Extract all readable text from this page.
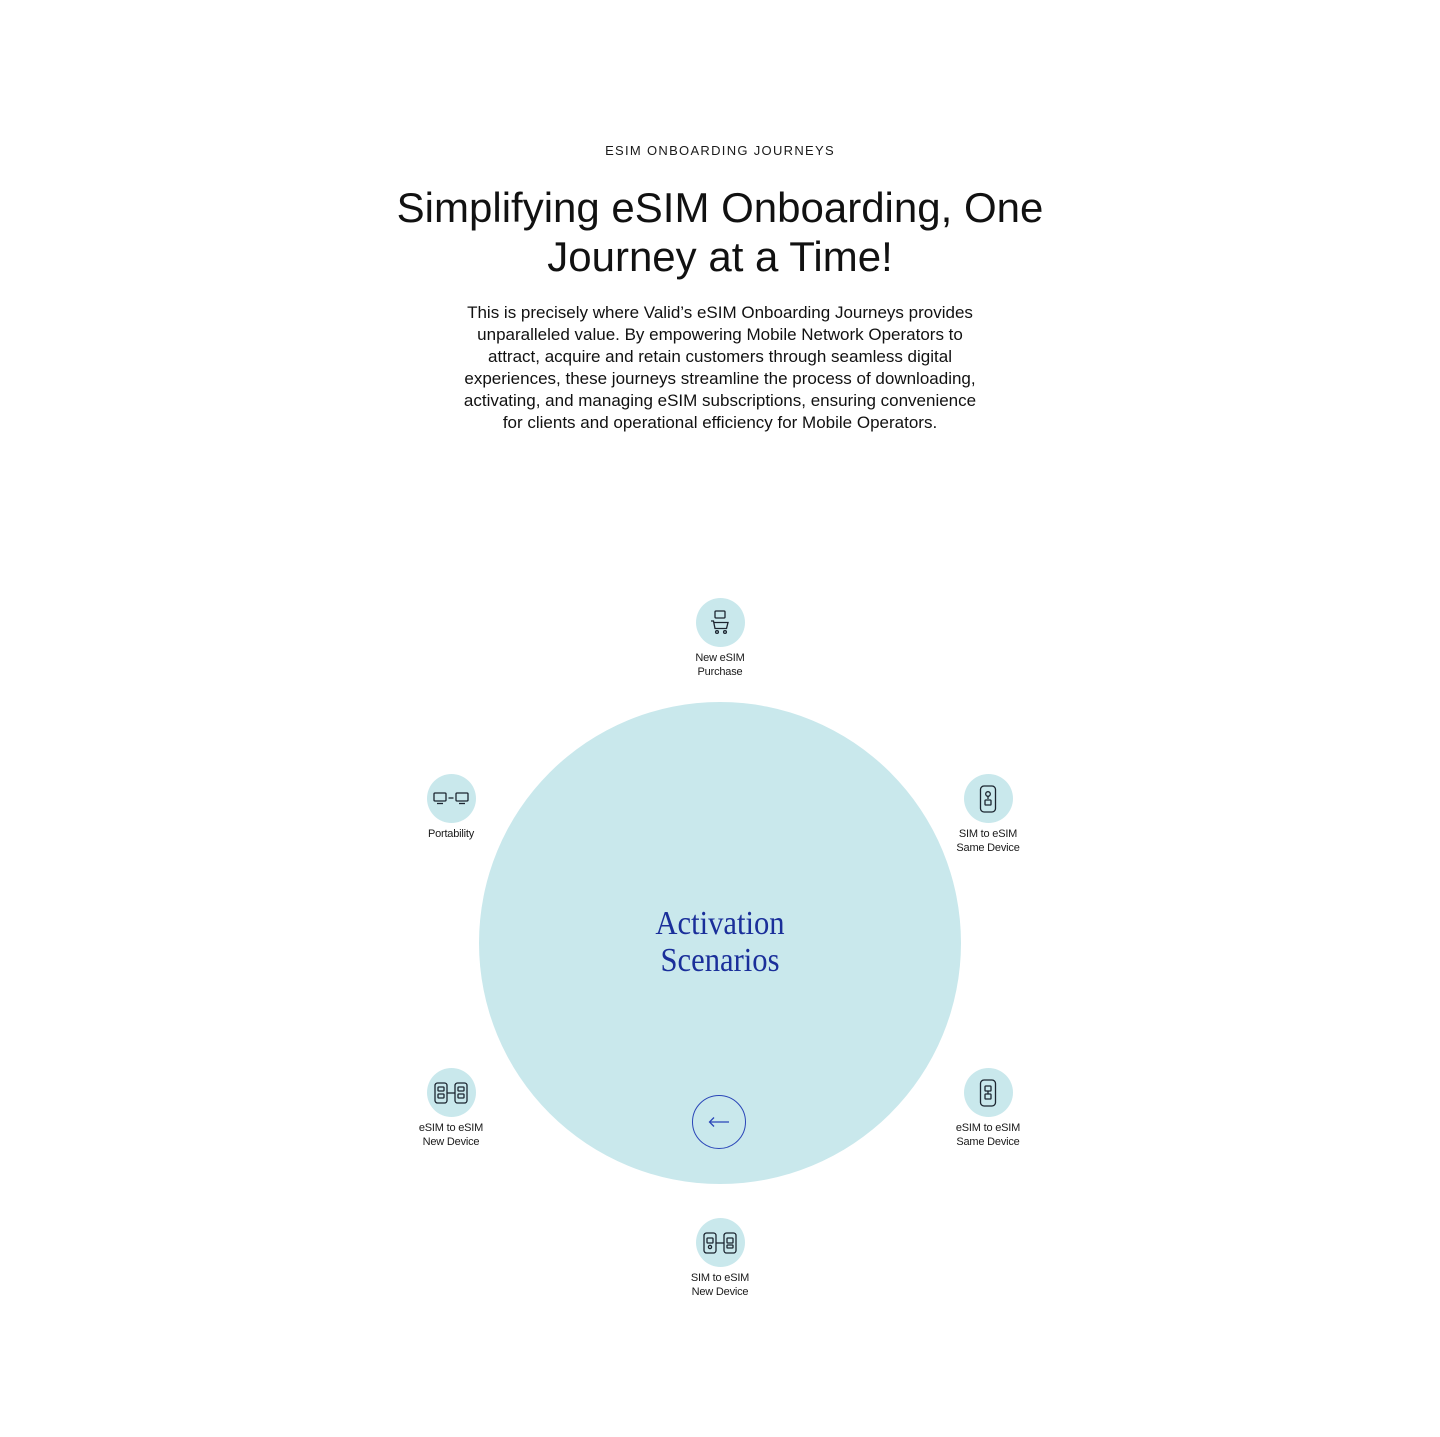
ESIM ONBOARDING JOURNEYS
Simplifying eSIM Onboarding, One Journey at a Time!

This is precisely where Valid’s eSIM Onboarding Journeys provides unparalleled value. By empowering Mobile Network Operators to attract, acquire and retain customers through seamless digital experiences, these journeys streamline the process of downloading, activating, and managing eSIM subscriptions, ensuring convenience for clients and operational efficiency for Mobile Operators.

Activation
Scenarios
New eSIM
Purchase
SIM to eSIM
Same Device
eSIM to eSIM
Same Device
SIM to eSIM
New Device
eSIM to eSIM
New Device
Portability
